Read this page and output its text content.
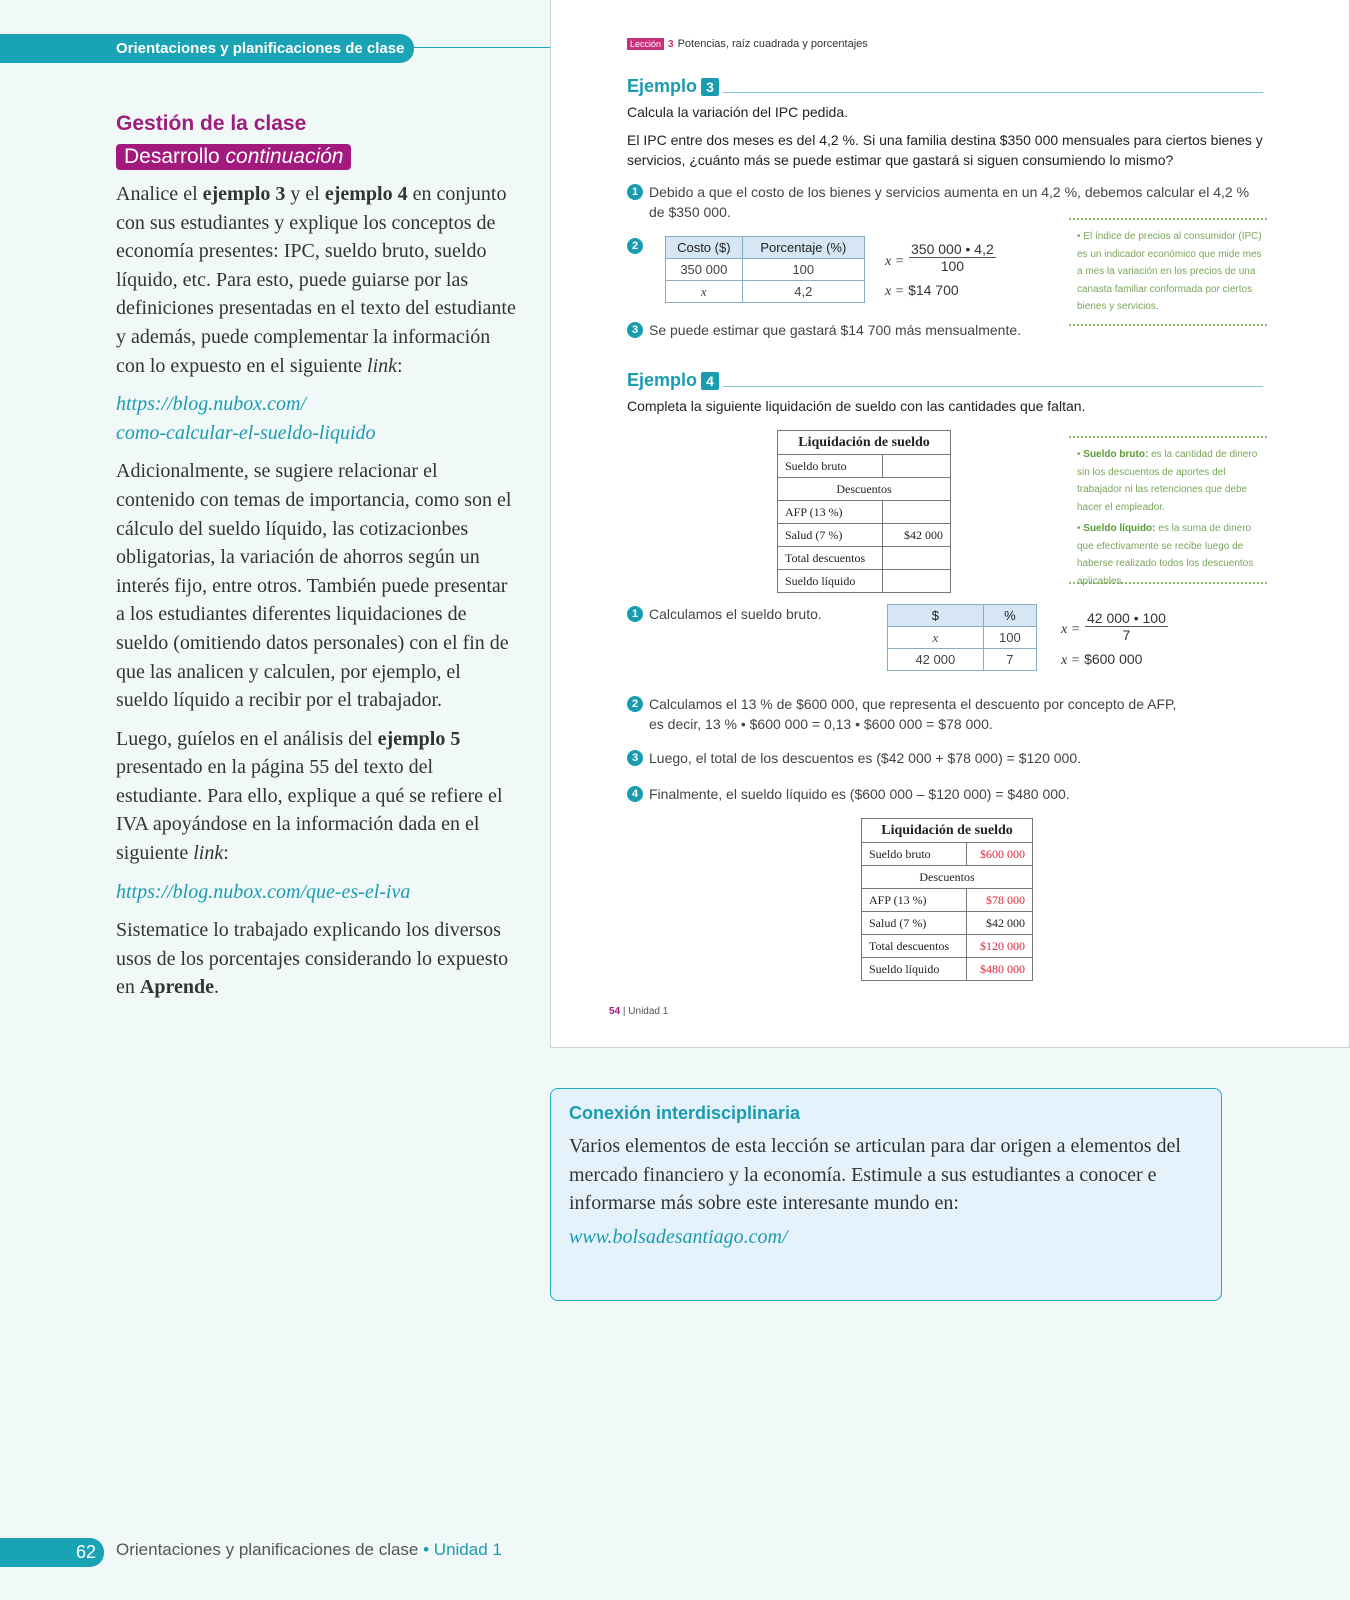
Orientaciones y planificaciones de clase
Gestión de la clase
Desarrollo continuación

Analice el ejemplo 3 y el ejemplo 4 en conjunto con sus estudiantes y explique los conceptos de economía presentes: IPC, sueldo bruto, sueldo líquido, etc. Para esto, puede guiarse por las definiciones presentadas en el texto del estudiante y además, puede complementar la información con lo expuesto en el siguiente link:

https://blog.nubox.com/
como-calcular-el-sueldo-liquido

Adicionalmente, se sugiere relacionar el contenido con temas de importancia, como son el cálculo del sueldo líquido, las cotizacionbes obligatorias, la variación de ahorros según un interés fijo, entre otros. También puede presentar a los estudiantes diferentes liquidaciones de sueldo (omitiendo datos personales) con el fin de que las analicen y calculen, por ejemplo, el sueldo líquido a recibir por el trabajador.

Luego, guíelos en el análisis del ejemplo 5 presentado en la página 55 del texto del estudiante. Para ello, explique a qué se refiere el IVA apoyándose en la información dada en el siguiente link:

https://blog.nubox.com/que-es-el-iva

Sistematice lo trabajado explicando los diversos usos de los porcentajes considerando lo expuesto en Aprende.

Lección 3 Potencias, raíz cuadrada y porcentajes
Ejemplo 3
Calcula la variación del IPC pedida.
El IPC entre dos meses es del 4,2 %. Si una familia destina $350 000 mensuales para ciertos bienes y servicios, ¿cuánto más se puede estimar que gastará si siguen consumiendo lo mismo?
1 Debido a que el costo de los bienes y servicios aumenta en un 4,2 %, debemos calcular el 4,2 % de $350 000.
2	Costo ($)	Porcentaje (%)
350 000	100
x	4,2
$x = \frac{350 000 • 4,2}{100}$
x = $14 700
• El índice de precios al consumidor (IPC) es un indicador económico que mide mes a mes la variación en los precios de una canasta familiar conformada por ciertos bienes y servicios.
3 Se puede estimar que gastará $14 700 más mensualmente.
Ejemplo 4
Completa la siguiente liquidación de sueldo con las cantidades que faltan.
Liquidación de sueldo	
Sueldo bruto	
Descuentos	
AFP (13 %)	
Salud (7 %)	$42 000
Total descuentos	
Sueldo líquido	
• Sueldo bruto: es la cantidad de dinero sin los descuentos de aportes del trabajador ni las retenciones que debe hacer el empleador.
• Sueldo líquido: es la suma de dinero que efectivamente se recibe luego de haberse realizado todos los descuentos aplicables.
1 Calculamos el sueldo bruto.	$	%
x	100
42 000	7
$x = \frac{42 000 • 100}{7}$
x = $600 000
2 Calculamos el 13 % de $600 000, que representa el descuento por concepto de AFP,
es decir, 13 % • $600 000 = 0,13 • $600 000 = $78 000.
3 Luego, el total de los descuentos es ($42 000 + $78 000) = $120 000.
4 Finalmente, el sueldo líquido es ($600 000 – $120 000) = $480 000.
Liquidación de sueldo	
Sueldo bruto	$600 000
Descuentos	
AFP (13 %)	$78 000
Salud (7 %)	$42 000
Total descuentos	$120 000
Sueldo líquido	$480 000
54 | Unidad 1
Conexión interdisciplinaria

Varios elementos de esta lección se articulan para dar origen a elementos del mercado financiero y la economía. Estimule a sus estudiantes a conocer e informarse más sobre este interesante mundo en:

www.bolsadesantiago.com/
62	Orientaciones y planificaciones de clase • Unidad 1
